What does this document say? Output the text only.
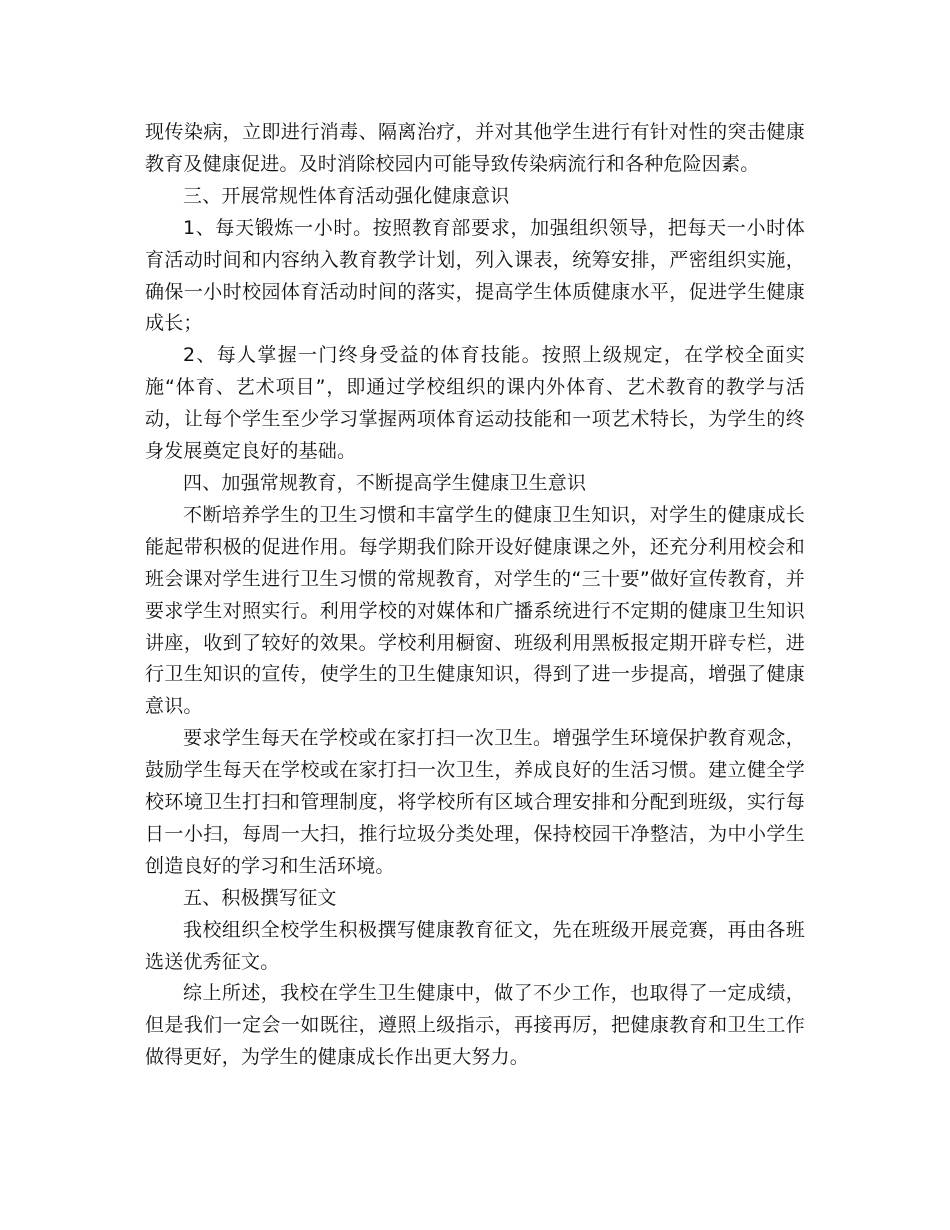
现传染病，立即进行消毒、隔离治疗，并对其他学生进行有针对性的突击健康教育及健康促进。及时消除校园内可能导致传染病流行和各种危险因素。

三、开展常规性体育活动强化健康意识

1、每天锻炼一小时。按照教育部要求，加强组织领导，把每天一小时体育活动时间和内容纳入教育教学计划，列入课表，统筹安排，严密组织实施，确保一小时校园体育活动时间的落实，提高学生体质健康水平，促进学生健康成长；

2、每人掌握一门终身受益的体育技能。按照上级规定，在学校全面实施“体育、艺术项目”，即通过学校组织的课内外体育、艺术教育的教学与活动，让每个学生至少学习掌握两项体育运动技能和一项艺术特长，为学生的终身发展奠定良好的基础。

四、加强常规教育，不断提高学生健康卫生意识

不断培养学生的卫生习惯和丰富学生的健康卫生知识，对学生的健康成长能起带积极的促进作用。每学期我们除开设好健康课之外，还充分利用校会和班会课对学生进行卫生习惯的常规教育，对学生的“三十要”做好宣传教育，并要求学生对照实行。利用学校的对媒体和广播系统进行不定期的健康卫生知识讲座，收到了较好的效果。学校利用橱窗、班级利用黑板报定期开辟专栏，进行卫生知识的宣传，使学生的卫生健康知识，得到了进一步提高，增强了健康意识。

要求学生每天在学校或在家打扫一次卫生。增强学生环境保护教育观念，鼓励学生每天在学校或在家打扫一次卫生，养成良好的生活习惯。建立健全学校环境卫生打扫和管理制度，将学校所有区域合理安排和分配到班级，实行每日一小扫，每周一大扫，推行垃圾分类处理，保持校园干净整洁，为中小学生创造良好的学习和生活环境。

五、积极撰写征文

我校组织全校学生积极撰写健康教育征文，先在班级开展竞赛，再由各班选送优秀征文。

综上所述，我校在学生卫生健康中，做了不少工作，也取得了一定成绩，但是我们一定会一如既往，遵照上级指示，再接再厉，把健康教育和卫生工作做得更好，为学生的健康成长作出更大努力。
